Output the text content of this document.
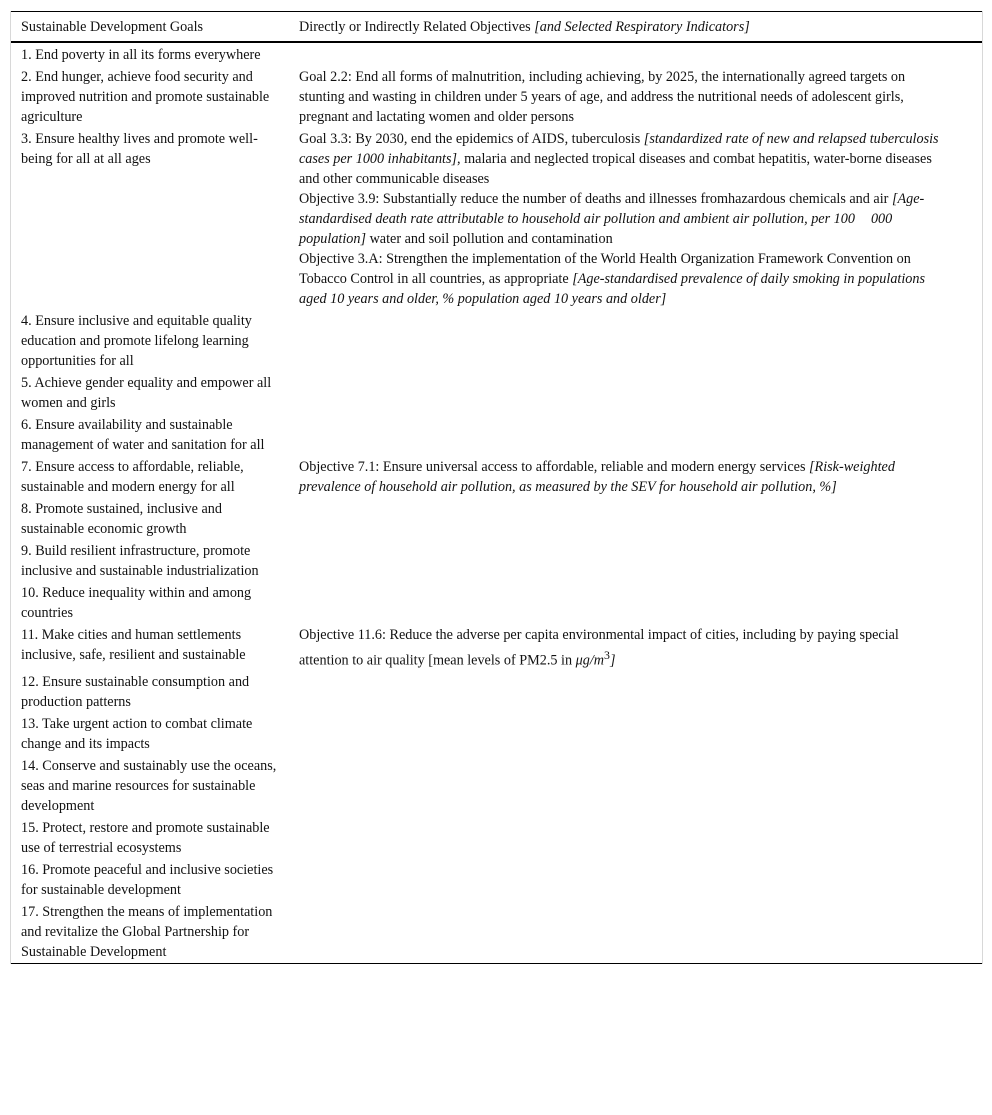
Sustainable Development Goals	Directly or Indirectly Related Objectives [and Selected Respiratory Indicators]
1. End poverty in all its forms everywhere	
2. End hunger, achieve food security and improved nutrition and promote sustainable agriculture	Goal 2.2: End all forms of malnutrition, including achieving, by 2025, the internationally agreed targets on stunting and wasting in children under 5 years of age, and address the nutritional needs of adolescent girls, pregnant and lactating women and older persons

3. Ensure healthy lives and promote well-being for all at all ages	Goal 3.3: By 2030, end the epidemics of AIDS, tuberculosis [standardized rate of new and relapsed tuberculosis cases per 1000 inhabitants], malaria and neglected tropical diseases and combat hepatitis, water-borne diseases and other communicable diseases
Objective 3.9: Substantially reduce the number of deaths and illnesses fromhazardous chemicals and air [Age-standardised death rate attributable to household air pollution and ambient air pollution, per 100 000 population] water and soil pollution and contamination
Objective 3.A: Strengthen the implementation of the World Health Organization Framework Convention on Tobacco Control in all countries, as appropriate [Age-standardised prevalence of daily smoking in populations aged 10 years and older, % population aged 10 years and older]

4. Ensure inclusive and equitable quality education and promote lifelong learning opportunities for all	
5. Achieve gender equality and empower all women and girls	
6. Ensure availability and sustainable management of water and sanitation for all	
7. Ensure access to affordable, reliable, sustainable and modern energy for all	Objective 7.1: Ensure universal access to affordable, reliable and modern energy services [Risk-weighted prevalence of household air pollution, as measured by the SEV for household air pollution, %]

8. Promote sustained, inclusive and sustainable economic growth	
9. Build resilient infrastructure, promote inclusive and sustainable industrialization	
10. Reduce inequality within and among countries	
11. Make cities and human settlements inclusive, safe, resilient and sustainable	Objective 11.6: Reduce the adverse per capita environmental impact of cities, including by paying special attention to air quality [mean levels of PM2.5 in $\mu g/m^3$]

12. Ensure sustainable consumption and production patterns	
13. Take urgent action to combat climate change and its impacts	
14. Conserve and sustainably use the oceans, seas and marine resources for sustainable development	
15. Protect, restore and promote sustainable use of terrestrial ecosystems	
16. Promote peaceful and inclusive societies for sustainable development	
17. Strengthen the means of implementation and revitalize the Global Partnership for Sustainable Development	
